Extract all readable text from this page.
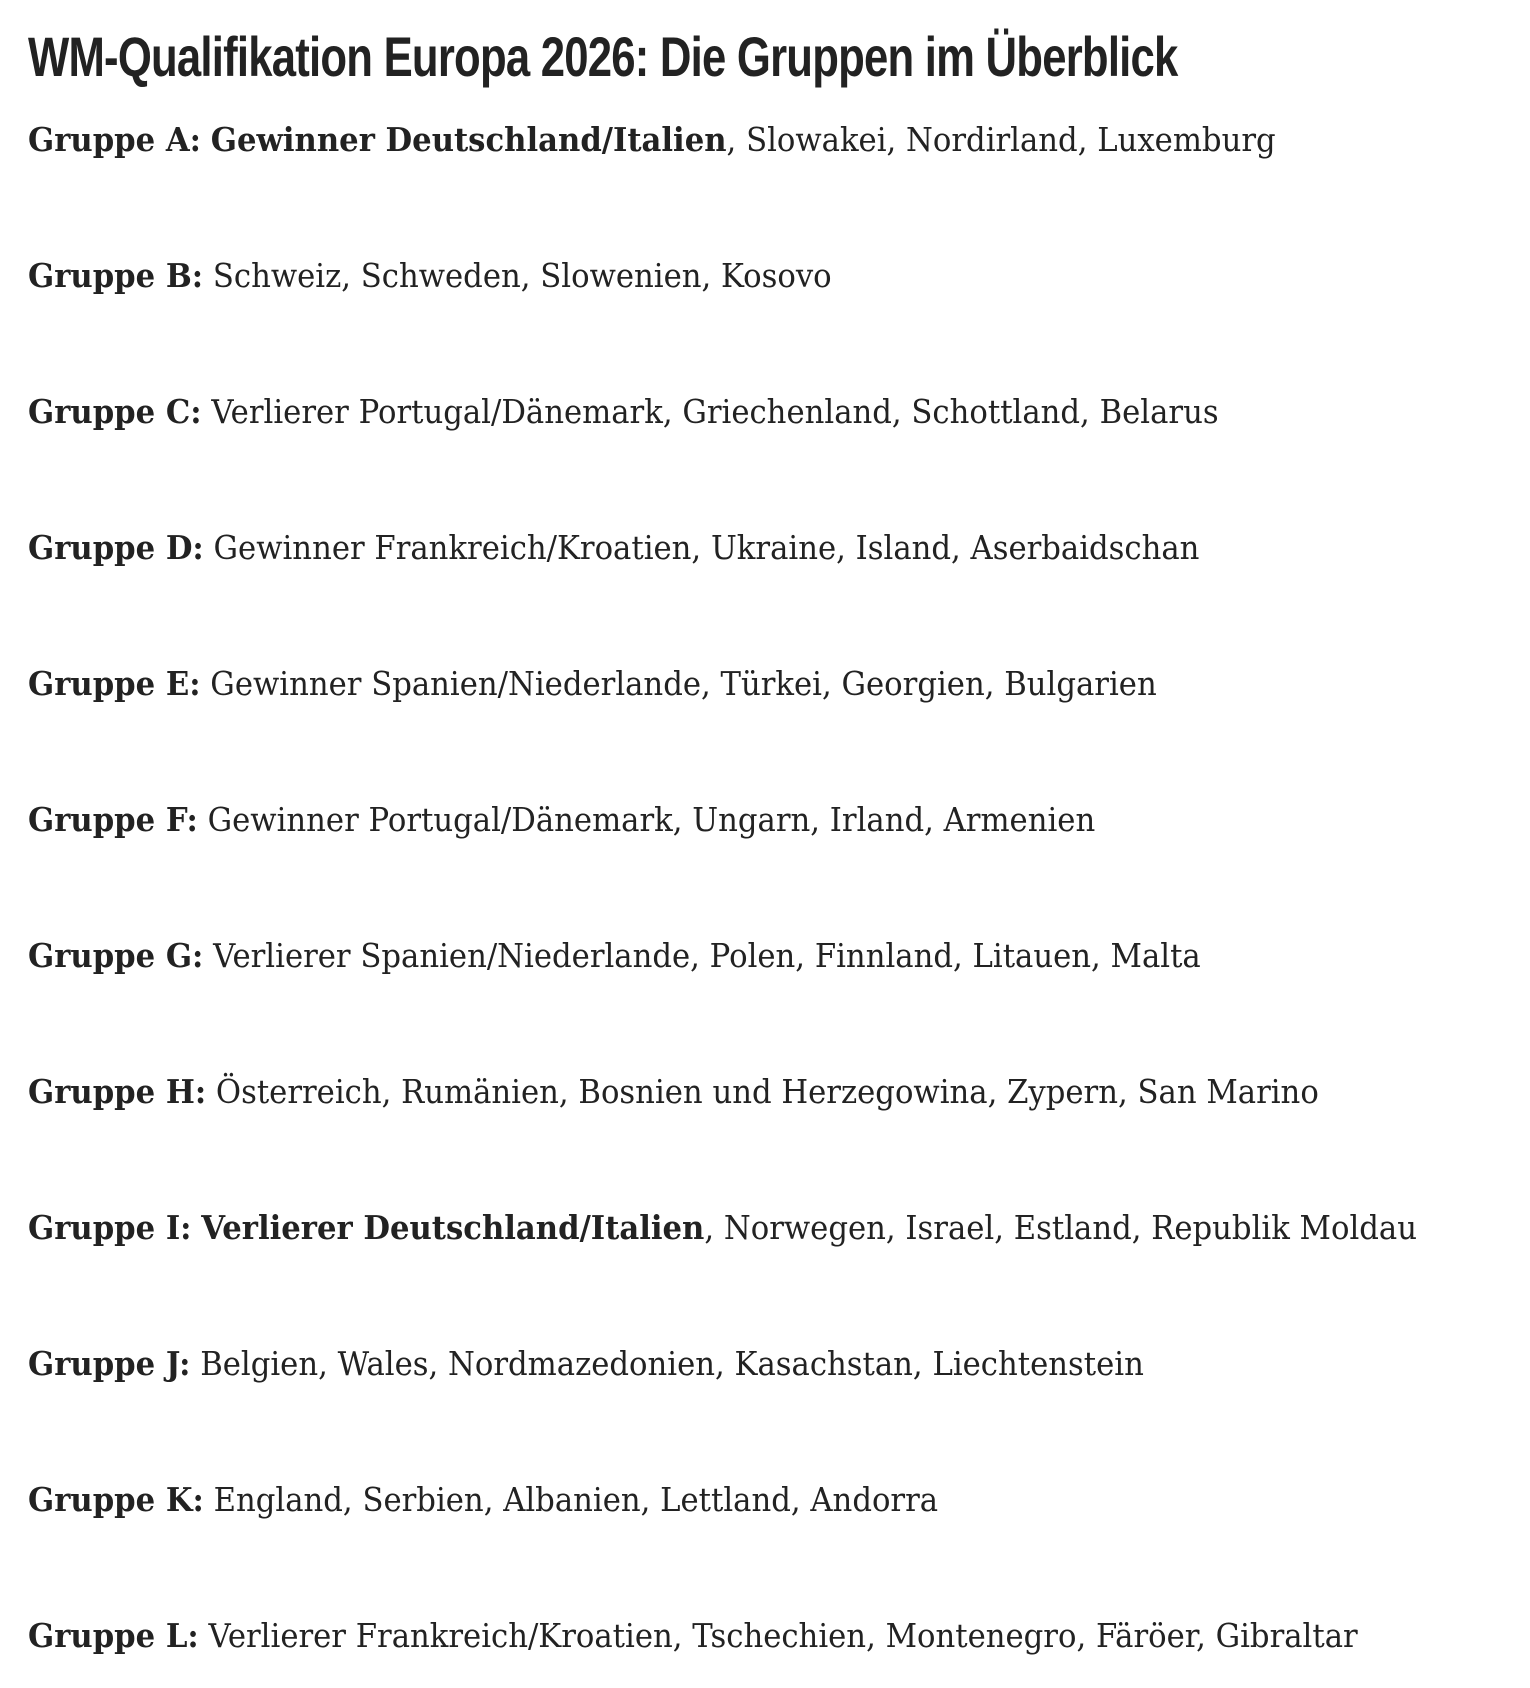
WM-Qualifikation Europa 2026: Die Gruppen im Überblick
Gruppe A: Gewinner Deutschland/Italien, Slowakei, Nordirland, Luxemburg
Gruppe B: Schweiz, Schweden, Slowenien, Kosovo
Gruppe C: Verlierer Portugal/Dänemark, Griechenland, Schottland, Belarus
Gruppe D: Gewinner Frankreich/Kroatien, Ukraine, Island, Aserbaidschan
Gruppe E: Gewinner Spanien/Niederlande, Türkei, Georgien, Bulgarien
Gruppe F: Gewinner Portugal/Dänemark, Ungarn, Irland, Armenien
Gruppe G: Verlierer Spanien/Niederlande, Polen, Finnland, Litauen, Malta
Gruppe H: Österreich, Rumänien, Bosnien und Herzegowina, Zypern, San Marino
Gruppe I: Verlierer Deutschland/Italien, Norwegen, Israel, Estland, Republik Moldau
Gruppe J: Belgien, Wales, Nordmazedonien, Kasachstan, Liechtenstein
Gruppe K: England, Serbien, Albanien, Lettland, Andorra
Gruppe L: Verlierer Frankreich/Kroatien, Tschechien, Montenegro, Färöer, Gibraltar
